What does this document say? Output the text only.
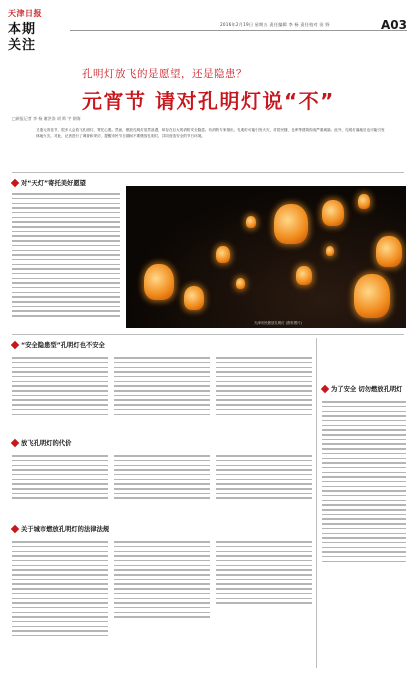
天津日报
本期
关注
2016年2月19日 星期五 责任编辑 李 杨 责任校对 田 野	A03
孔明灯放飞的是愿望，还是隐患？
元宵节 请对孔明灯说“不”
□新报记者 李 杨 谢洪涛 胡 斯 宇 钢海
又逢元宵佳节，很多人会放飞孔明灯，寄托心愿。然而，燃放孔明灯虽然浪漫，却存在巨大的消防安全隐患。有消防专家指出，孔明灯可能引发火灾，对居民楼、仓库等建筑构成严重威胁。此外，孔明灯落地后也可能引发林地火灾。对此，记者进行了调查和采访，提醒市民节日期间不要燃放孔明灯，共同营造安全的节日环境。
对“天灯”寄托美好愿望
天津市民燃放孔明灯 (资料图片)
“安全隐患型”孔明灯也不安全
为了安全 切勿燃放孔明灯
放飞孔明灯的代价
关于城市燃放孔明灯的法律法规
